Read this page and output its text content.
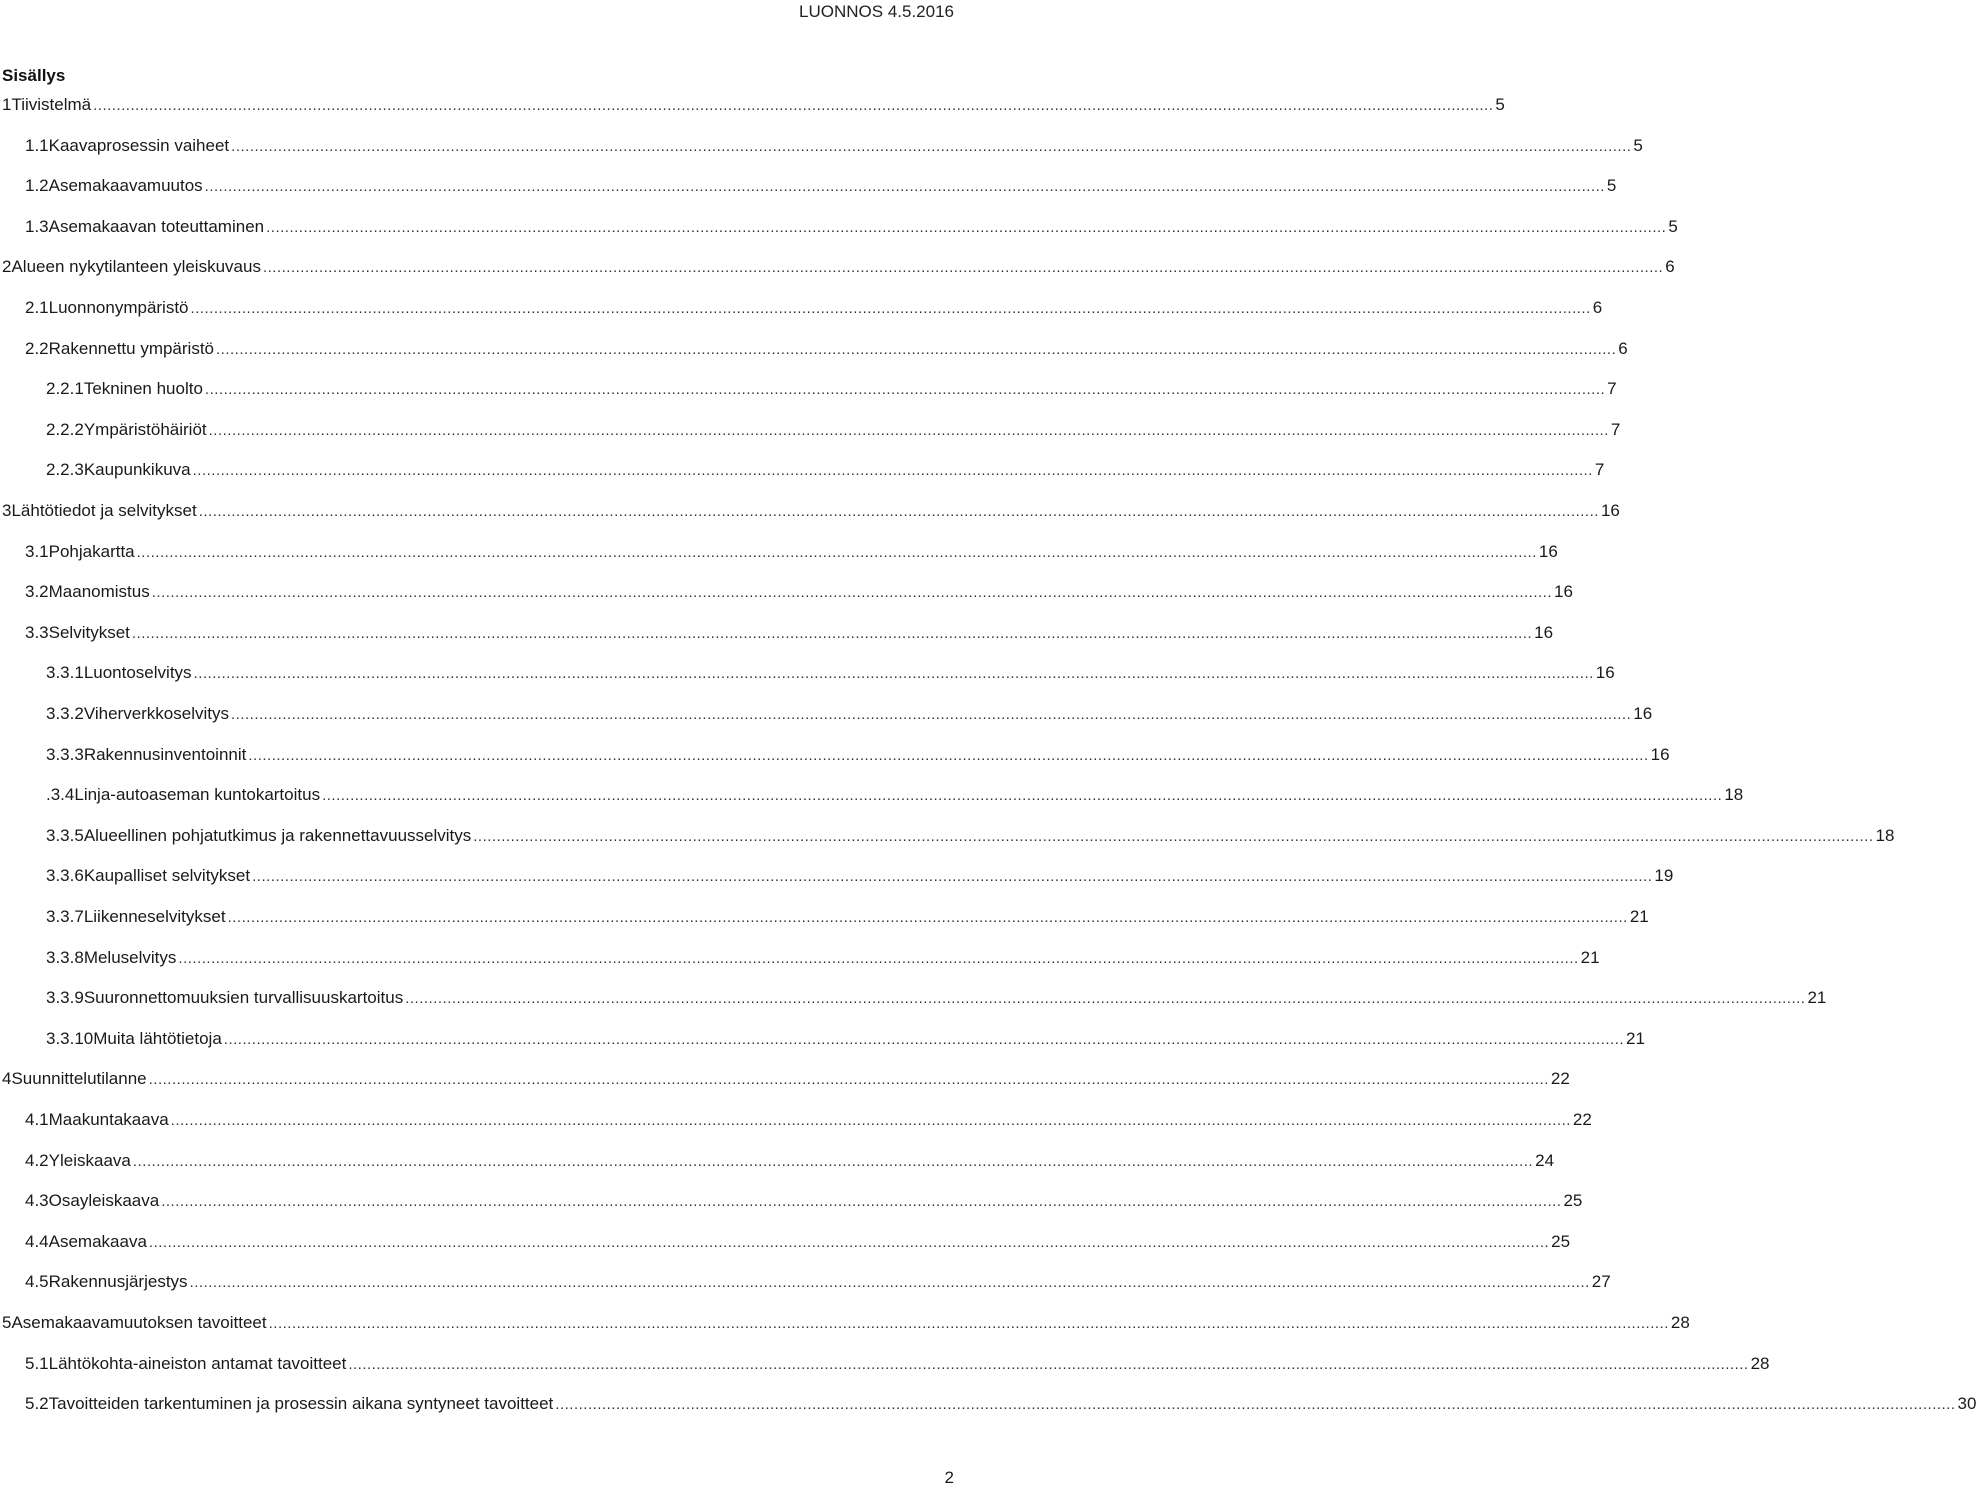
LUONNOS 4.5.2016
Sisällys
1 Tiivistelmä ............................................................................................................................................................................................................................................................................................................ 5
1.1 Kaavaprosessin vaiheet ............................................................................................................................................................................................................................................................................................................ 5
1.2 Asemakaavamuutos ............................................................................................................................................................................................................................................................................................................ 5
1.3 Asemakaavan toteuttaminen ............................................................................................................................................................................................................................................................................................................ 5
2 Alueen nykytilanteen yleiskuvaus ............................................................................................................................................................................................................................................................................................................ 6
2.1 Luonnonympäristö ............................................................................................................................................................................................................................................................................................................ 6
2.2 Rakennettu ympäristö ............................................................................................................................................................................................................................................................................................................ 6
2.2.1 Tekninen huolto ............................................................................................................................................................................................................................................................................................................ 7
2.2.2 Ympäristöhäiriöt ............................................................................................................................................................................................................................................................................................................ 7
2.2.3 Kaupunkikuva ............................................................................................................................................................................................................................................................................................................ 7
3 Lähtötiedot ja selvitykset ............................................................................................................................................................................................................................................................................................................ 16
3.1 Pohjakartta ............................................................................................................................................................................................................................................................................................................ 16
3.2 Maanomistus ............................................................................................................................................................................................................................................................................................................ 16
3.3 Selvitykset ............................................................................................................................................................................................................................................................................................................ 16
3.3.1 Luontoselvitys ............................................................................................................................................................................................................................................................................................................ 16
3.3.2 Viherverkkoselvitys ............................................................................................................................................................................................................................................................................................................ 16
3.3.3 Rakennusinventoinnit ............................................................................................................................................................................................................................................................................................................ 16
.3.4 Linja-autoaseman kuntokartoitus ............................................................................................................................................................................................................................................................................................................ 18
3.3.5 Alueellinen pohjatutkimus ja rakennettavuusselvitys ............................................................................................................................................................................................................................................................................................................ 18
3.3.6 Kaupalliset selvitykset ............................................................................................................................................................................................................................................................................................................ 19
3.3.7 Liikenneselvitykset ............................................................................................................................................................................................................................................................................................................ 21
3.3.8 Meluselvitys ............................................................................................................................................................................................................................................................................................................ 21
3.3.9 Suuronnettomuuksien turvallisuuskartoitus ............................................................................................................................................................................................................................................................................................................ 21
3.3.10 Muita lähtötietoja ............................................................................................................................................................................................................................................................................................................ 21
4 Suunnittelutilanne ............................................................................................................................................................................................................................................................................................................ 22
4.1 Maakuntakaava ............................................................................................................................................................................................................................................................................................................ 22
4.2 Yleiskaava ............................................................................................................................................................................................................................................................................................................ 24
4.3 Osayleiskaava ............................................................................................................................................................................................................................................................................................................ 25
4.4 Asemakaava ............................................................................................................................................................................................................................................................................................................ 25
4.5 Rakennusjärjestys ............................................................................................................................................................................................................................................................................................................ 27
5 Asemakaavamuutoksen tavoitteet ............................................................................................................................................................................................................................................................................................................ 28
5.1 Lähtökohta-aineiston antamat tavoitteet ............................................................................................................................................................................................................................................................................................................ 28
5.2 Tavoitteiden tarkentuminen ja prosessin aikana syntyneet tavoitteet ............................................................................................................................................................................................................................................................................................................ 30
2
